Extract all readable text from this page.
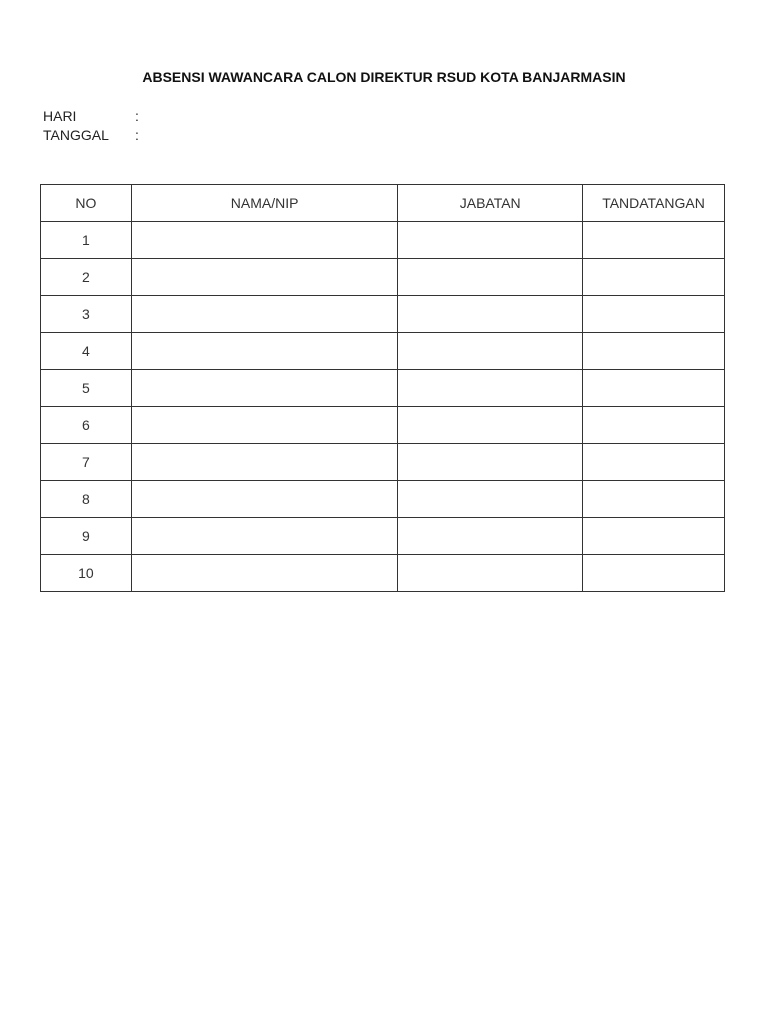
ABSENSI WAWANCARA CALON DIREKTUR RSUD KOTA BANJARMASIN
HARI	:
TANGGAL	:
NO	NAMA/NIP	JABATAN	TANDATANGAN
1			
2			
3			
4			
5			
6			
7			
8			
9			
10			
